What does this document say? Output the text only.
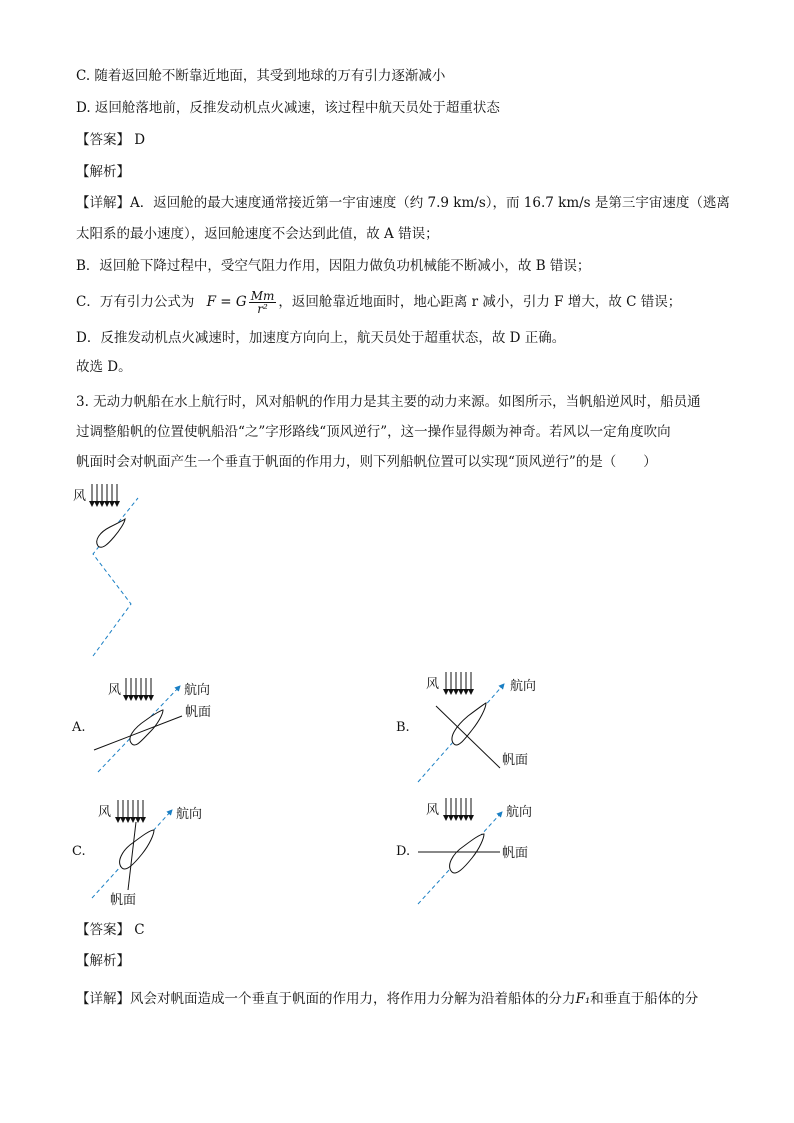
C. 随着返回舱不断靠近地面，其受到地球的万有引力逐渐减小
D. 返回舱落地前，反推发动机点火减速，该过程中航天员处于超重状态
【答案】 D
【解析】
【详解】A．返回舱的最大速度通常接近第一宇宙速度（约 7.9 km/s），而 16.7 km/s 是第三宇宙速度（逃离
太阳系的最小速度），返回舱速度不会达到此值，故 A 错误；
B．返回舱下降过程中，受空气阻力作用，因阻力做负功机械能不断减小，故 B 错误；
C．万有引力公式为 F = G $\frac{Mm}{\text{r²}}$ ，返回舱靠近地面时，地心距离 r 减小，引力 F 增大，故 C 错误；
D．反推发动机点火减速时，加速度方向向上，航天员处于超重状态，故 D 正确。
故选 D。
3. 无动力帆船在水上航行时，风对船帆的作用力是其主要的动力来源。如图所示，当帆船逆风时，船员通
过调整船帆的位置使帆船沿“之”字形路线“顶风逆行”，这一操作显得颇为神奇。若风以一定角度吹向
帆面时会对帆面产生一个垂直于帆面的作用力，则下列船帆位置可以实现“顶风逆行”的是（　　）
风
A.
风	航向
帆面
B.
风	航向
帆面
C.
风	航向
帆面
D.
风	航向
帆面
【答案】 C
【解析】
【详解】风会对帆面造成一个垂直于帆面的作用力，将作用力分解为沿着船体的分力F₁和垂直于船体的分
